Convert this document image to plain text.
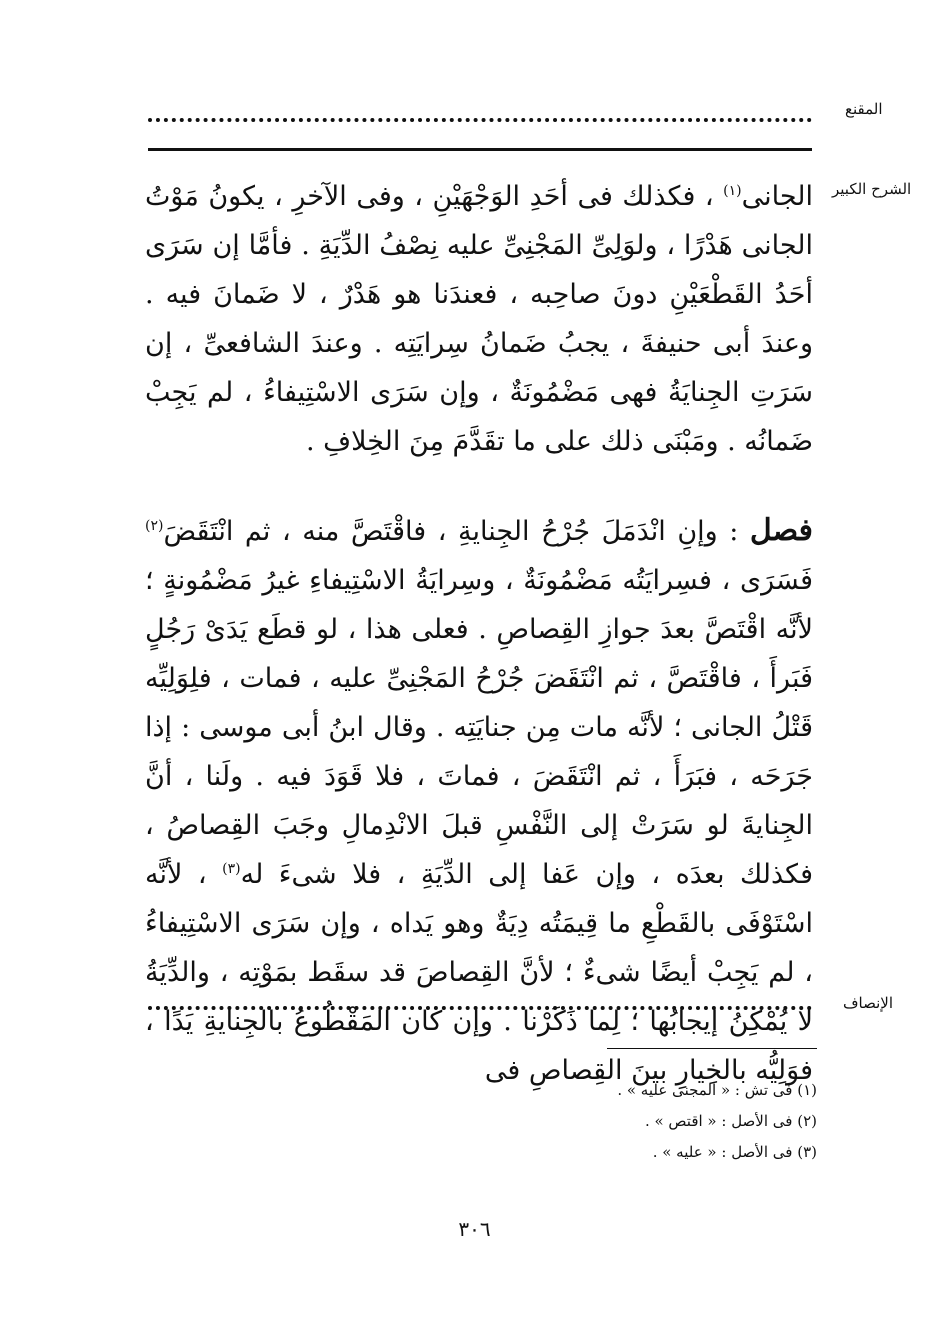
المقنع
الشرح الكبير

الجانى$^{(١)}$ ، فكذلك فى أحَدِ الوَجْهَيْنِ ، وفى الآخرِ ، يكونُ مَوْتُ الجانى هَدْرًا ، ولوَلِىِّ المَجْنِىِّ عليه نِصْفُ الدِّيَةِ . فأمَّا إن سَرَى أحَدُ القَطْعَيْنِ دونَ صاحِبه ، فعندَنا هو هَدْرٌ ، لا ضَمانَ فيه . وعندَ أبى حنيفةَ ، يجبُ ضَمانُ سِرايَتِه . وعندَ الشافعىِّ ، إن سَرَتِ الجِنايَةُ فهى مَضْمُونَةٌ ، وإن سَرَى الاسْتِيفاءُ ، لم يَجِبْ ضَمانُه . ومَبْنَى ذلك على ما تقَدَّمَ مِنَ الخِلافِ .

فصل : وإنِ انْدَمَلَ جُرْحُ الجِنايةِ ، فاقْتَصَّ منه ، ثم انْتَقَضَ$^{(٢)}$ فَسَرَى ، فسِرايَتُه مَضْمُونَةٌ ، وسِرايَةُ الاسْتِيفاءِ غيرُ مَضْمُونةٍ ؛ لأنَّه اقْتَصَّ بعدَ جوازِ القِصاصِ . فعلى هذا ، لو قطَع يَدَىْ رَجُلٍ فَبَرأَ ، فاقْتَصَّ ، ثم انْتَقَضَ جُرْحُ المَجْنِىِّ عليه ، فمات ، فلِوَلِيِّه قَتْلُ الجانى ؛ لأنَّه مات مِن جنايَتِه . وقال ابنُ أبى موسى : إذا جَرَحَه ، فبَرَأَ ، ثم انْتَقَضَ ، فماتَ ، فلا قَوَدَ فيه . ولَنا ، أنَّ الجِنايةَ لو سَرَتْ إلى النَّفْسِ قبلَ الانْدِمالِ وجَبَ القِصاصُ ، فكذلك بعدَه ، وإن عَفا إلى الدِّيَةِ ، فلا شىءَ له$^{(٣)}$ ، لأنَّه اسْتَوْفَى بالقَطْعِ ما قِيمَتُه دِيَةٌ وهو يَداه ، وإن سَرَى الاسْتِيفاءُ ، لم يَجِبْ أيضًا شىءٌ ؛ لأنَّ القِصاصَ قد سقَط بمَوْتِه ، والدِّيَةُ لا يُمْكِنُ إيجابُها ؛ لِما ذَكَرْنا . وإن كان المَقْطُوعُ بالجِنايةِ يَدًا ، فوَلِيُّه بالخِيارِ بينَ القِصاصِ فى

الإنصاف
(١) فى تش : « المجنى عليه » .
(٢) فى الأصل : « اقتص » .
(٣) فى الأصل : « عليه » .
٣٠٦
